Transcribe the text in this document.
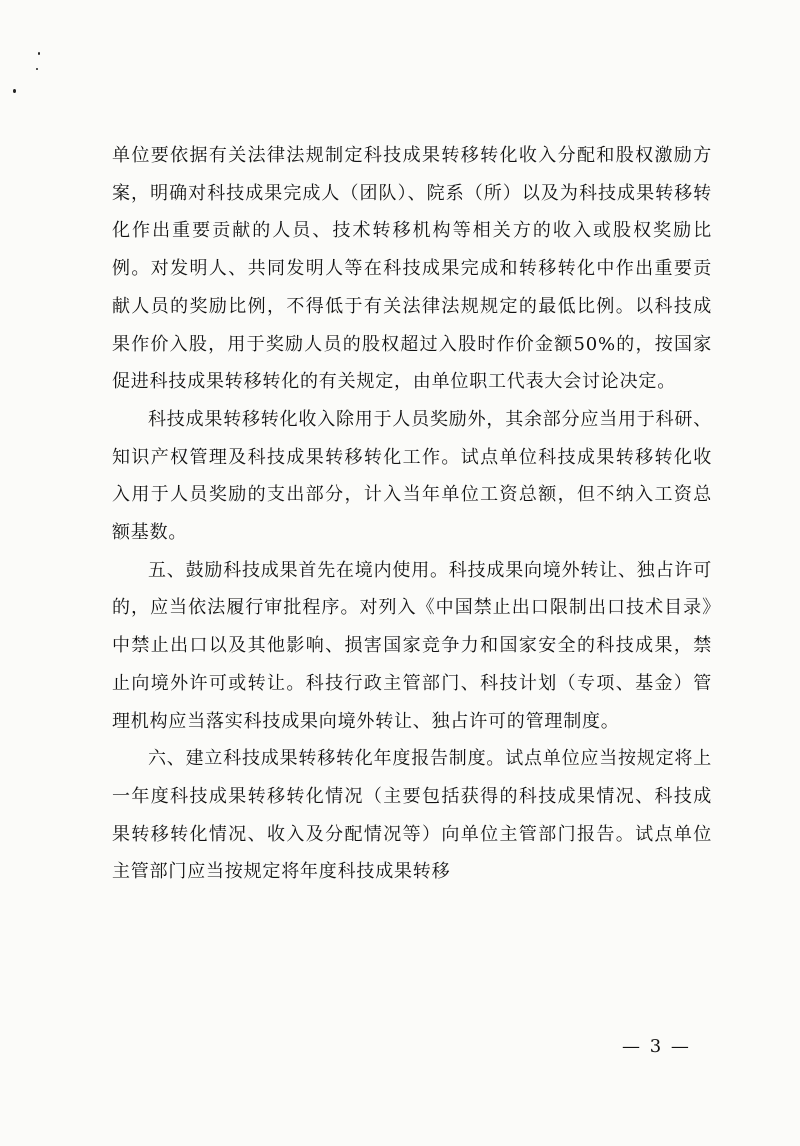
单位要依据有关法律法规制定科技成果转移转化收入分配和股权激励方案，明确对科技成果完成人（团队）、院系（所）以及为科技成果转移转化作出重要贡献的人员、技术转移机构等相关方的收入或股权奖励比例。对发明人、共同发明人等在科技成果完成和转移转化中作出重要贡献人员的奖励比例，不得低于有关法律法规规定的最低比例。以科技成果作价入股，用于奖励人员的股权超过入股时作价金额50%的，按国家促进科技成果转移转化的有关规定，由单位职工代表大会讨论决定。

科技成果转移转化收入除用于人员奖励外，其余部分应当用于科研、知识产权管理及科技成果转移转化工作。试点单位科技成果转移转化收入用于人员奖励的支出部分，计入当年单位工资总额，但不纳入工资总额基数。

五、鼓励科技成果首先在境内使用。科技成果向境外转让、独占许可的，应当依法履行审批程序。对列入《中国禁止出口限制出口技术目录》中禁止出口以及其他影响、损害国家竞争力和国家安全的科技成果，禁止向境外许可或转让。科技行政主管部门、科技计划（专项、基金）管理机构应当落实科技成果向境外转让、独占许可的管理制度。

六、建立科技成果转移转化年度报告制度。试点单位应当按规定将上一年度科技成果转移转化情况（主要包括获得的科技成果情况、科技成果转移转化情况、收入及分配情况等）向单位主管部门报告。试点单位主管部门应当按规定将年度科技成果转移

— 3 —
